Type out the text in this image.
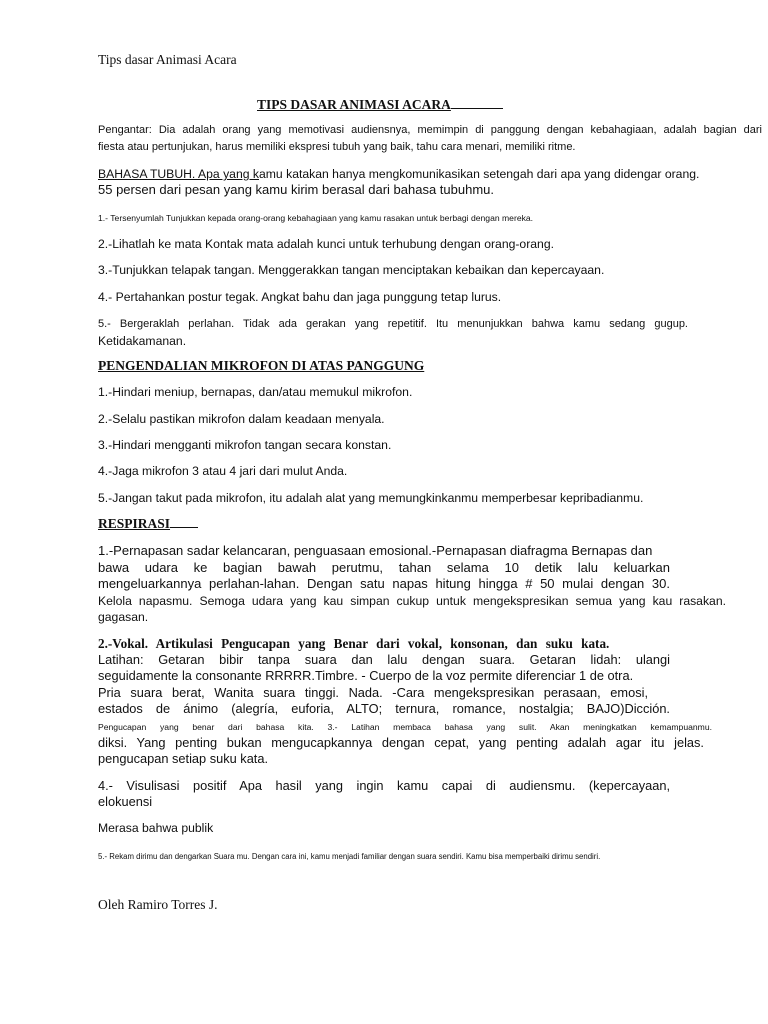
Tips dasar Animasi Acara
TIPS DASAR ANIMASI ACARA
Pengantar: Dia adalah orang yang memotivasi audiensnya, memimpin di panggung dengan kebahagiaan, adalah bagian dari
fiesta atau pertunjukan, harus memiliki ekspresi tubuh yang baik, tahu cara menari, memiliki ritme.
BAHASA TUBUH. Apa yang kamu katakan hanya mengkomunikasikan setengah dari apa yang didengar orang.
55 persen dari pesan yang kamu kirim berasal dari bahasa tubuhmu.
1.- Tersenyumlah Tunjukkan kepada orang-orang kebahagiaan yang kamu rasakan untuk berbagi dengan mereka.
2.-Lihatlah ke mata Kontak mata adalah kunci untuk terhubung dengan orang-orang.
3.-Tunjukkan telapak tangan. Menggerakkan tangan menciptakan kebaikan dan kepercayaan.
4.- Pertahankan postur tegak. Angkat bahu dan jaga punggung tetap lurus.
5.- Bergeraklah perlahan. Tidak ada gerakan yang repetitif. Itu menunjukkan bahwa kamu sedang gugup.
Ketidakamanan.
PENGENDALIAN MIKROFON DI ATAS PANGGUNG
1.-Hindari meniup, bernapas, dan/atau memukul mikrofon.
2.-Selalu pastikan mikrofon dalam keadaan menyala.
3.-Hindari mengganti mikrofon tangan secara konstan.
4.-Jaga mikrofon 3 atau 4 jari dari mulut Anda.
5.-Jangan takut pada mikrofon, itu adalah alat yang memungkinkanmu memperbesar kepribadianmu.
RESPIRASI
1.-Pernapasan sadar kelancaran, penguasaan emosional.-Pernapasan diafragma Bernapas dan
bawa udara ke bagian bawah perutmu, tahan selama 10 detik lalu keluarkan
mengeluarkannya perlahan-lahan. Dengan satu napas hitung hingga # 50 mulai dengan 30.
Kelola napasmu. Semoga udara yang kau simpan cukup untuk mengekspresikan semua yang kau rasakan.
gagasan.
2.-Vokal. Artikulasi Pengucapan yang Benar dari vokal, konsonan, dan suku kata.
Latihan: Getaran bibir tanpa suara dan lalu dengan suara. Getaran lidah: ulangi
seguidamente la consonante RRRRR.Timbre. - Cuerpo de la voz permite diferenciar 1 de otra.
Pria suara berat, Wanita suara tinggi. Nada. -Cara mengekspresikan perasaan, emosi,
estados de ánimo (alegría, euforia, ALTO; ternura, romance, nostalgia; BAJO)Dicción.
Pengucapan yang benar dari bahasa kita. 3.- Latihan membaca bahasa yang sulit. Akan meningkatkan kemampuanmu.
diksi. Yang penting bukan mengucapkannya dengan cepat, yang penting adalah agar itu jelas.
pengucapan setiap suku kata.
4.- Visulisasi positif Apa hasil yang ingin kamu capai di audiensmu. (kepercayaan,
elokuensi
Merasa bahwa publik
5.- Rekam dirimu dan dengarkan Suara mu. Dengan cara ini, kamu menjadi familiar dengan suara sendiri. Kamu bisa memperbaiki dirimu sendiri.
Oleh Ramiro Torres J.
